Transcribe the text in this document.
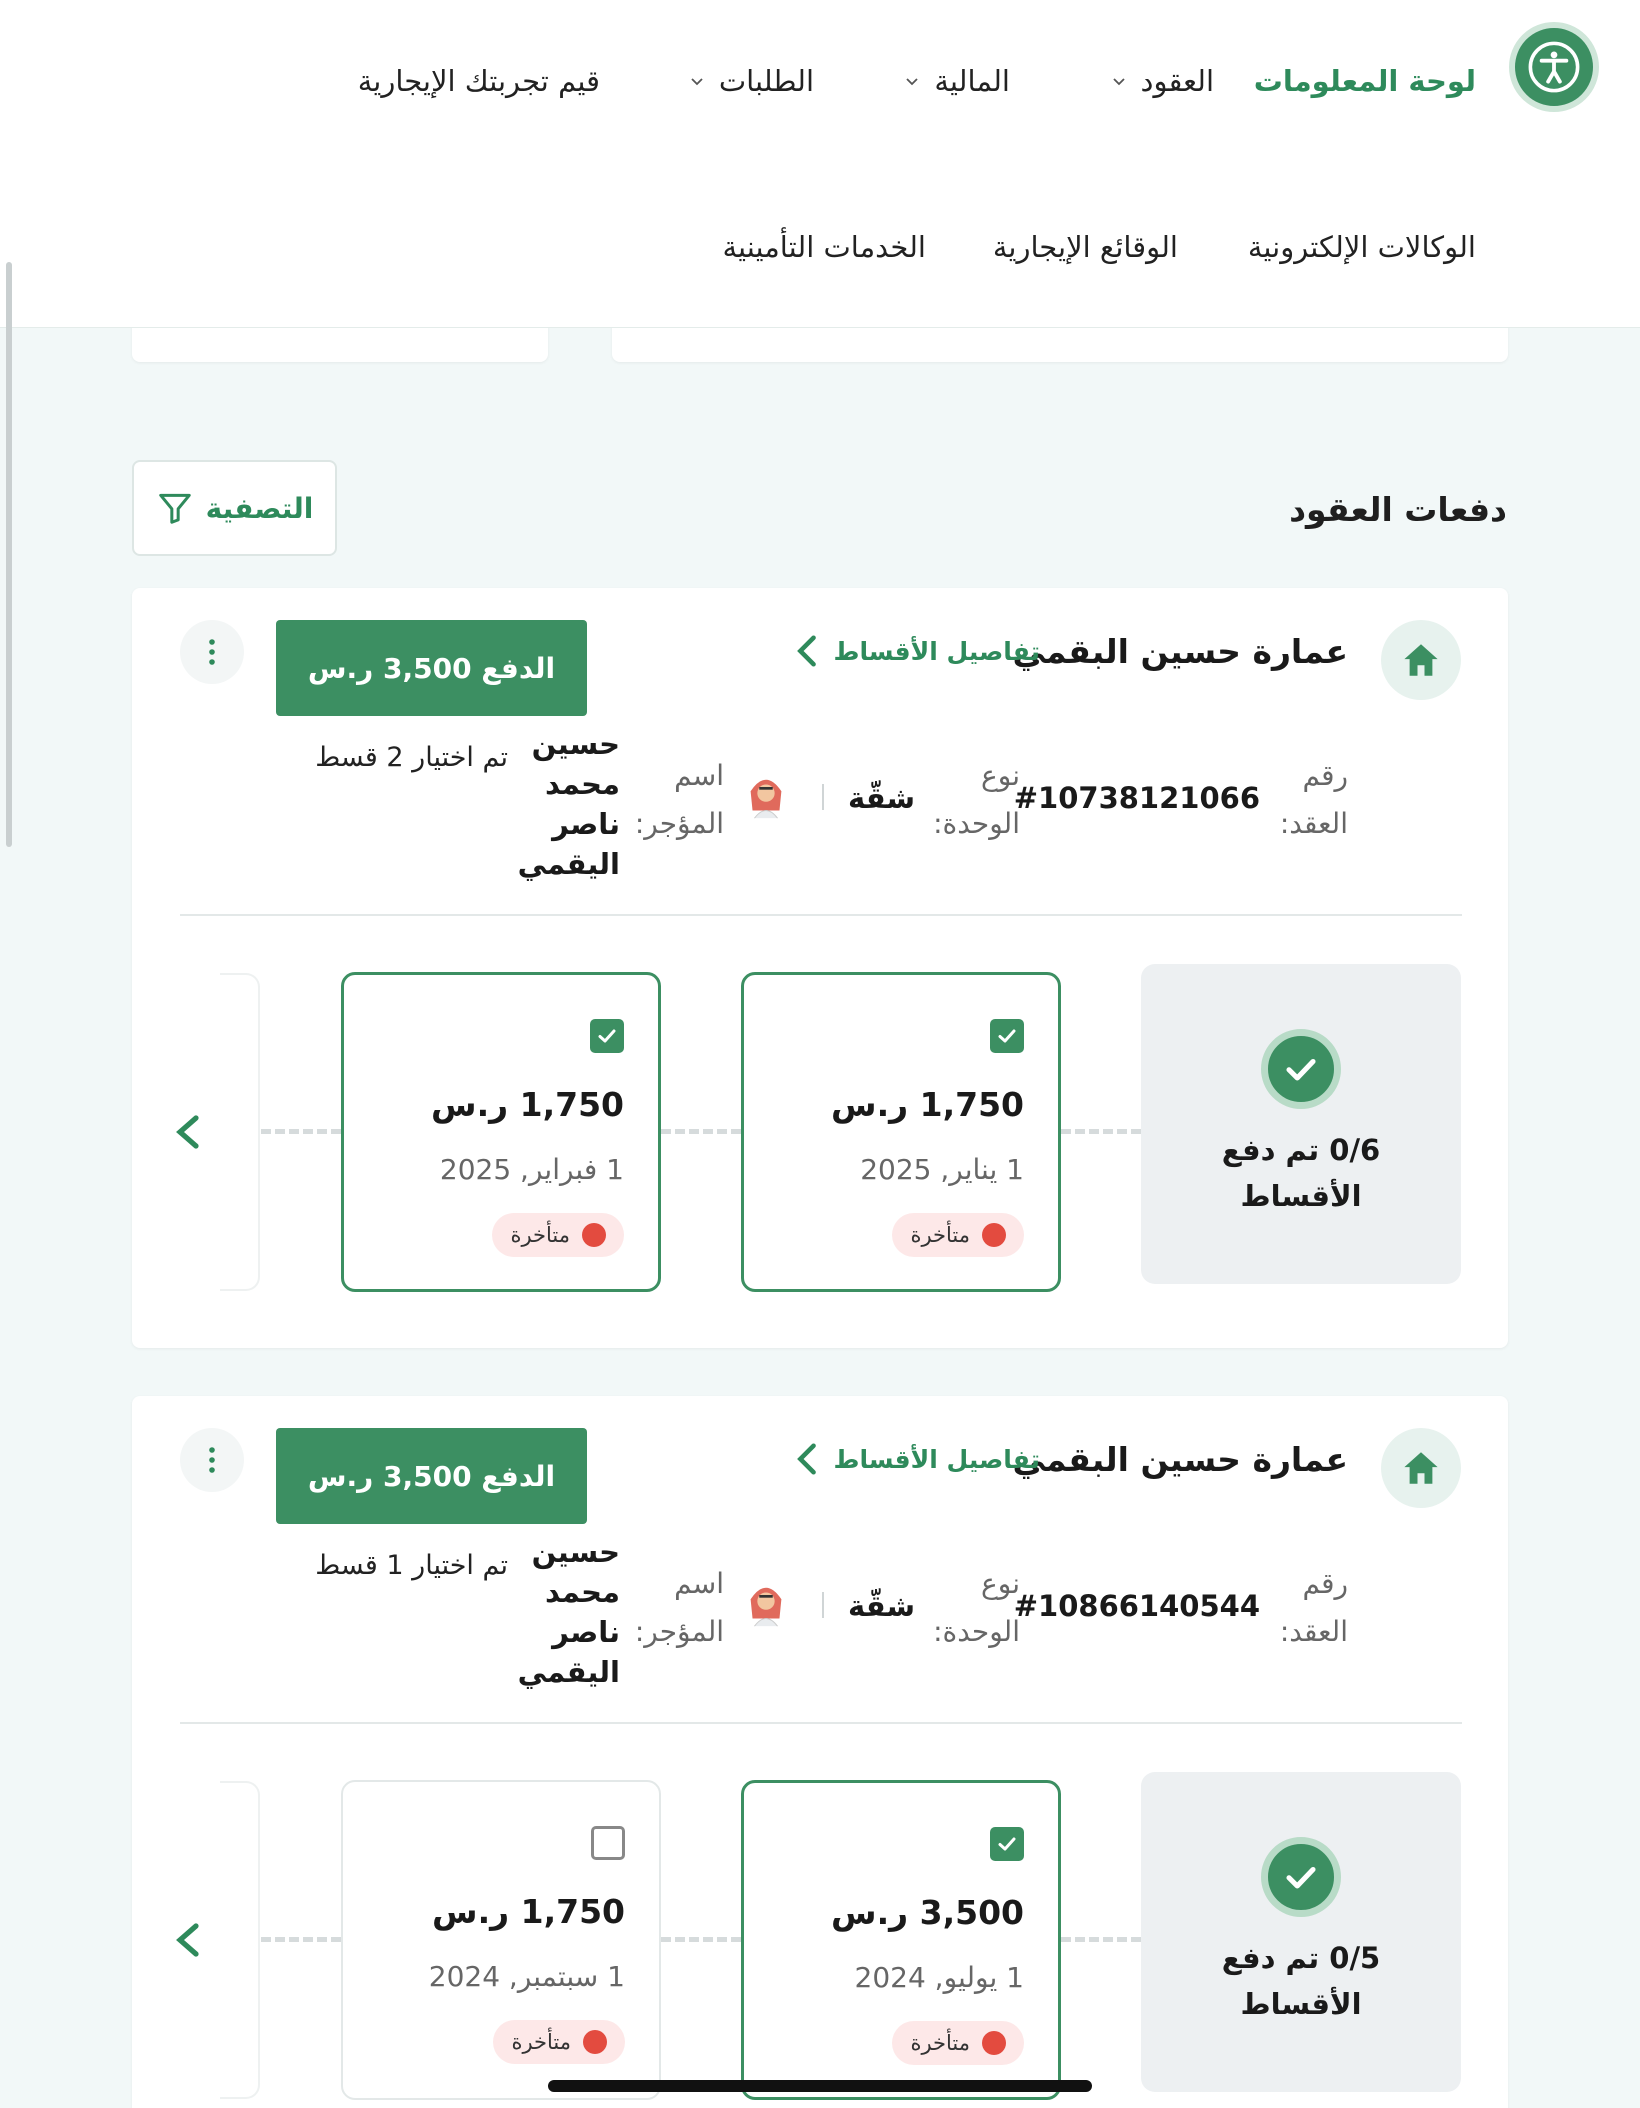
لوحة المعلومات
العقود
المالية
الطلبات
قيم تجربتك الإيجارية
الوكالات الإلكترونية
الوقائع الإيجارية
الخدمات التأمينية
دفعات العقود
التصفية
عمارة حسين البقمي
تفاصيل الأقساط
الدفع 3,500 ر.س
رقم
العقد:
#10738121066
نوع
الوحدة:
شقّة
اسم
المؤجر:
حسين محمد ناصر اليقمي
تم اختيار 2 قسط
0/6 تم دفع الأقساط
1,750 ر.س
1 يناير, 2025
متأخرة
1,750 ر.س
1 فبراير, 2025
متأخرة
عمارة حسين البقمي
تفاصيل الأقساط
الدفع 3,500 ر.س
رقم
العقد:
#10866140544
نوع
الوحدة:
شقّة
اسم
المؤجر:
حسين محمد ناصر اليقمي
تم اختيار 1 قسط
0/5 تم دفع الأقساط
3,500 ر.س
1 يوليو, 2024
متأخرة
1,750 ر.س
1 سبتمبر, 2024
متأخرة
